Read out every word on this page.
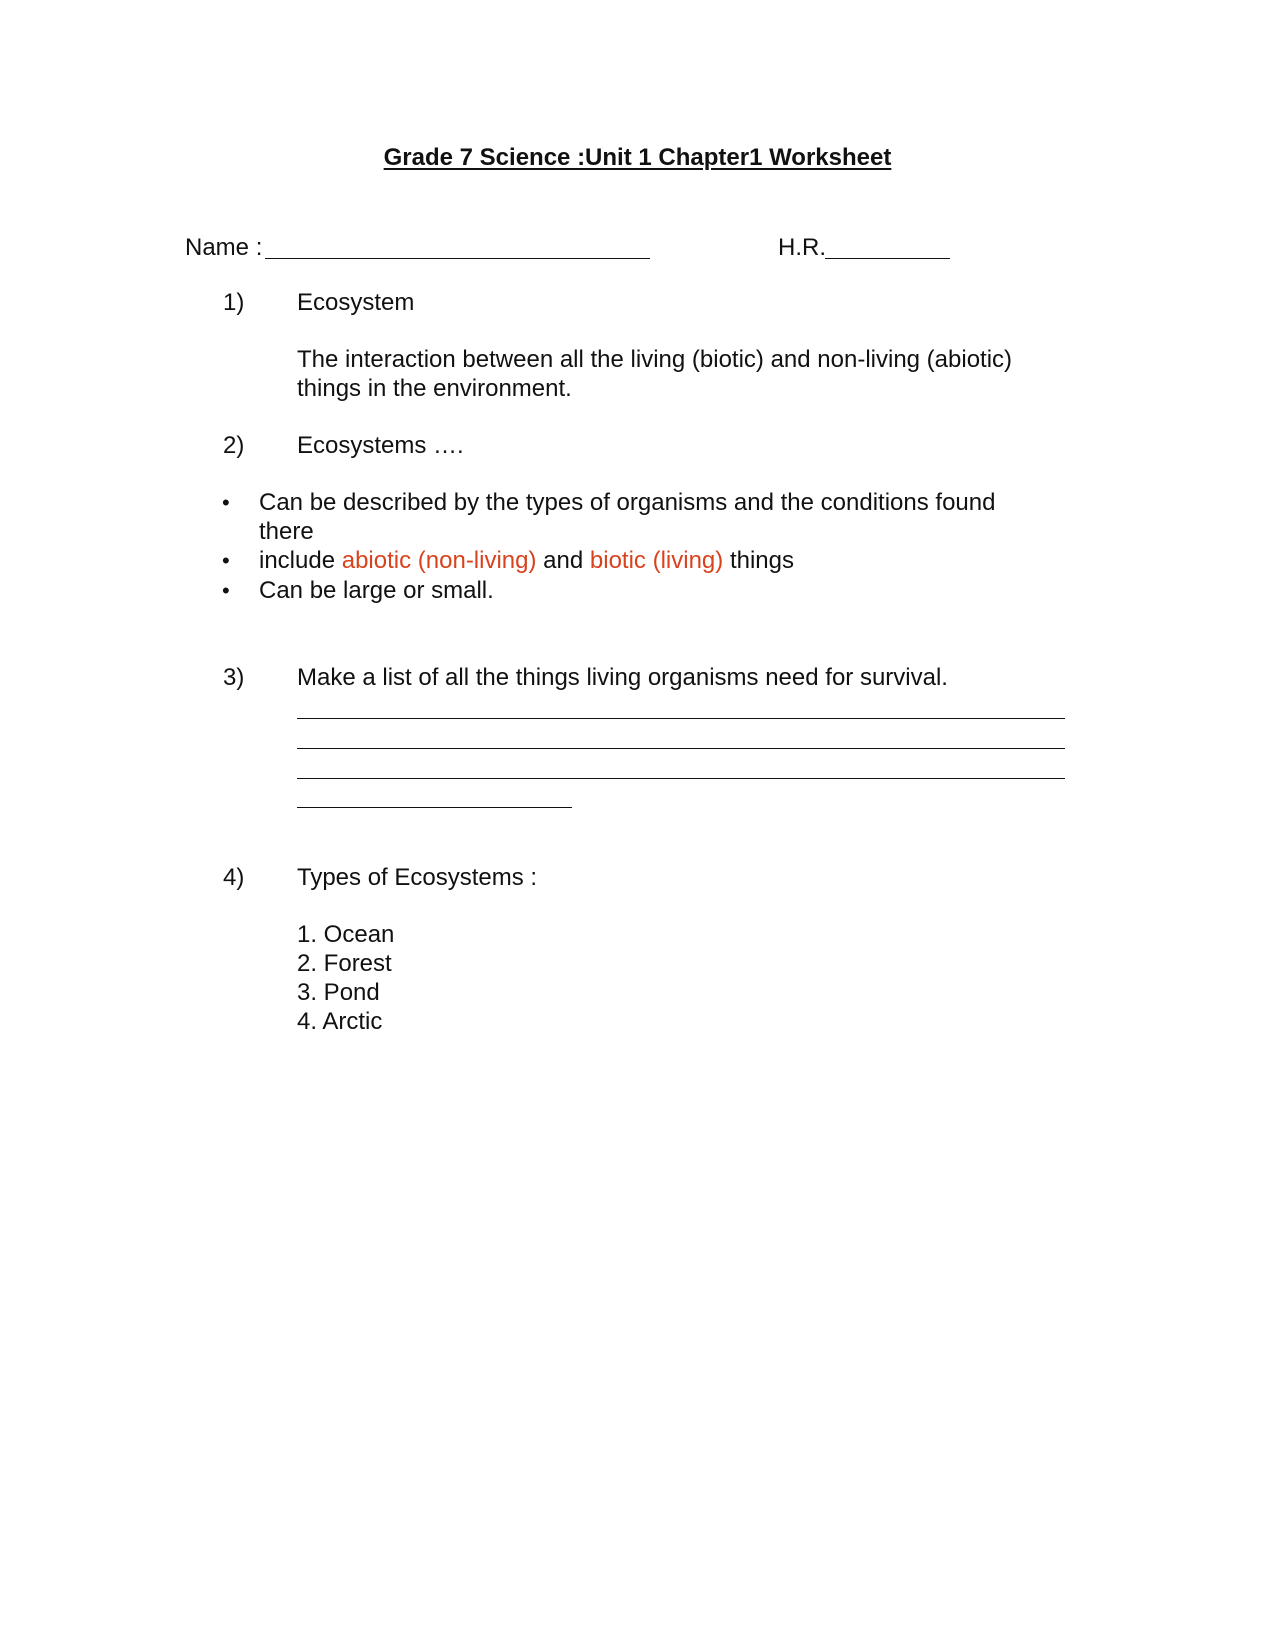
Grade 7 Science :Unit 1 Chapter1 Worksheet
Name :	H.R.
1) Ecosystem
The interaction between all the living (biotic) and non-living (abiotic)
things in the environment.
2) Ecosystems ….
• Can be described by the types of organisms and the conditions found
there
• include abiotic (non-living) and biotic (living) things
• Can be large or small.
3) Make a list of all the things living organisms need for survival.
4) Types of Ecosystems :
1. Ocean
2. Forest
3. Pond
4. Arctic
